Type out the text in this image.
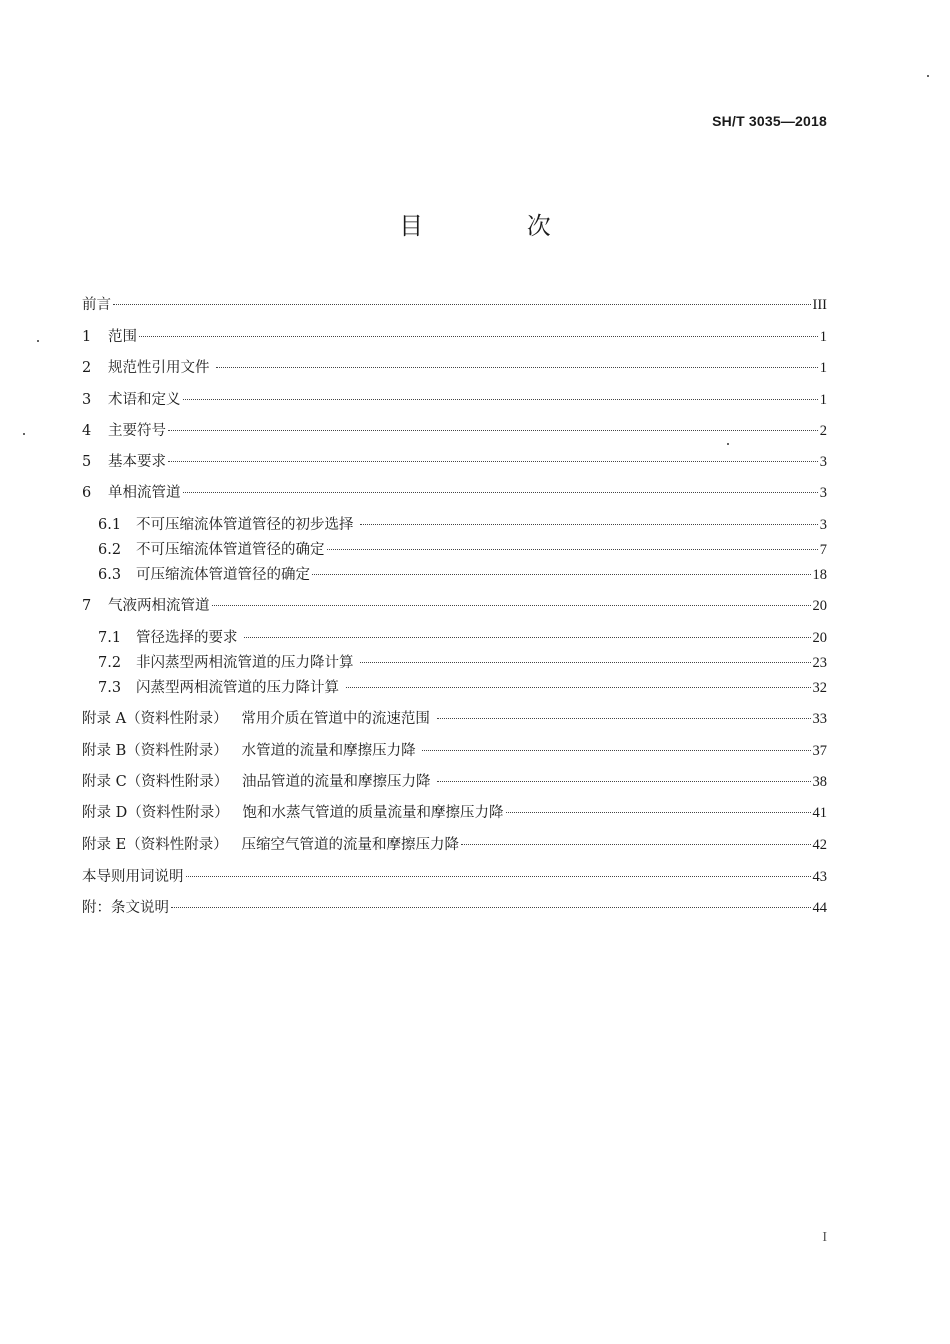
SH/T 3035—2018
目 次
前言	III
1	范围	1
2	规范性引用文件	1
3	术语和定义	1
4	主要符号	2
5	基本要求	3
6	单相流管道	3
6.1	不可压缩流体管道管径的初步选择	3
6.2	不可压缩流体管道管径的确定	7
6.3	可压缩流体管道管径的确定	18
7	气液两相流管道	20
7.1	管径选择的要求	20
7.2	非闪蒸型两相流管道的压力降计算	23
7.3	闪蒸型两相流管道的压力降计算	32
附录 A（资料性附录）   常用介质在管道中的流速范围	33
附录 B（资料性附录）   水管道的流量和摩擦压力降	37
附录 C（资料性附录）   油品管道的流量和摩擦压力降	38
附录 D（资料性附录）   饱和水蒸气管道的质量流量和摩擦压力降	41
附录 E（资料性附录）   压缩空气管道的流量和摩擦压力降	42
本导则用词说明	43
附：条文说明	44
I
